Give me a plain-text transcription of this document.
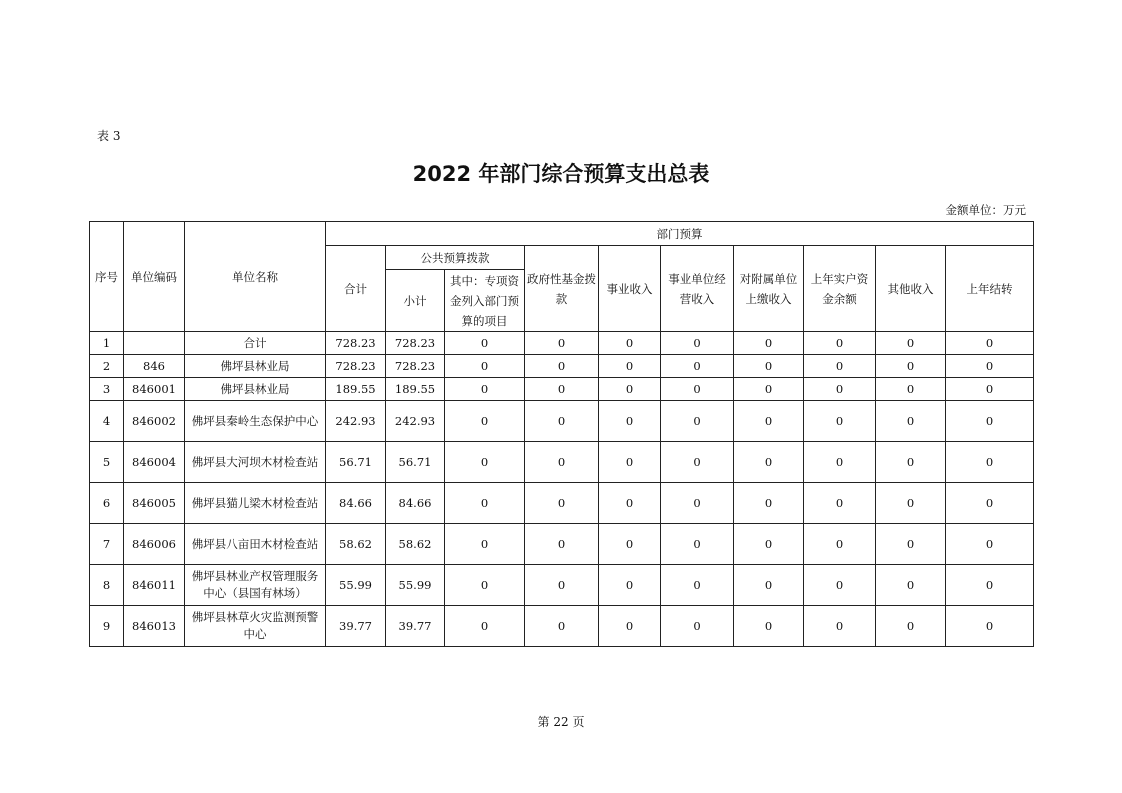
表 3
2022 年部门综合预算支出总表
金额单位：万元
序号	单位编码	单位名称	部门预算									
			合计	公共预算拨款		政府性基金拨款	事业收入	事业单位经营收入	对附属单位上缴收入	上年实户资金余额	其他收入	上年结转
				小计	其中：专项资金列入部门预算的项目							
1		合计	728.23	728.23	0	0	0	0	0	0	0	0
2	846	佛坪县林业局	728.23	728.23	0	0	0	0	0	0	0	0
3	846001	佛坪县林业局	189.55	189.55	0	0	0	0	0	0	0	0
4	846002	佛坪县秦岭生态保护中心	242.93	242.93	0	0	0	0	0	0	0	0
5	846004	佛坪县大河坝木材检查站	56.71	56.71	0	0	0	0	0	0	0	0
6	846005	佛坪县猫儿梁木材检查站	84.66	84.66	0	0	0	0	0	0	0	0
7	846006	佛坪县八亩田木材检查站	58.62	58.62	0	0	0	0	0	0	0	0
8	846011	佛坪县林业产权管理服务中心（县国有林场）	55.99	55.99	0	0	0	0	0	0	0	0
9	846013	佛坪县林草火灾监测预警中心	39.77	39.77	0	0	0	0	0	0	0	0
第 22 页
